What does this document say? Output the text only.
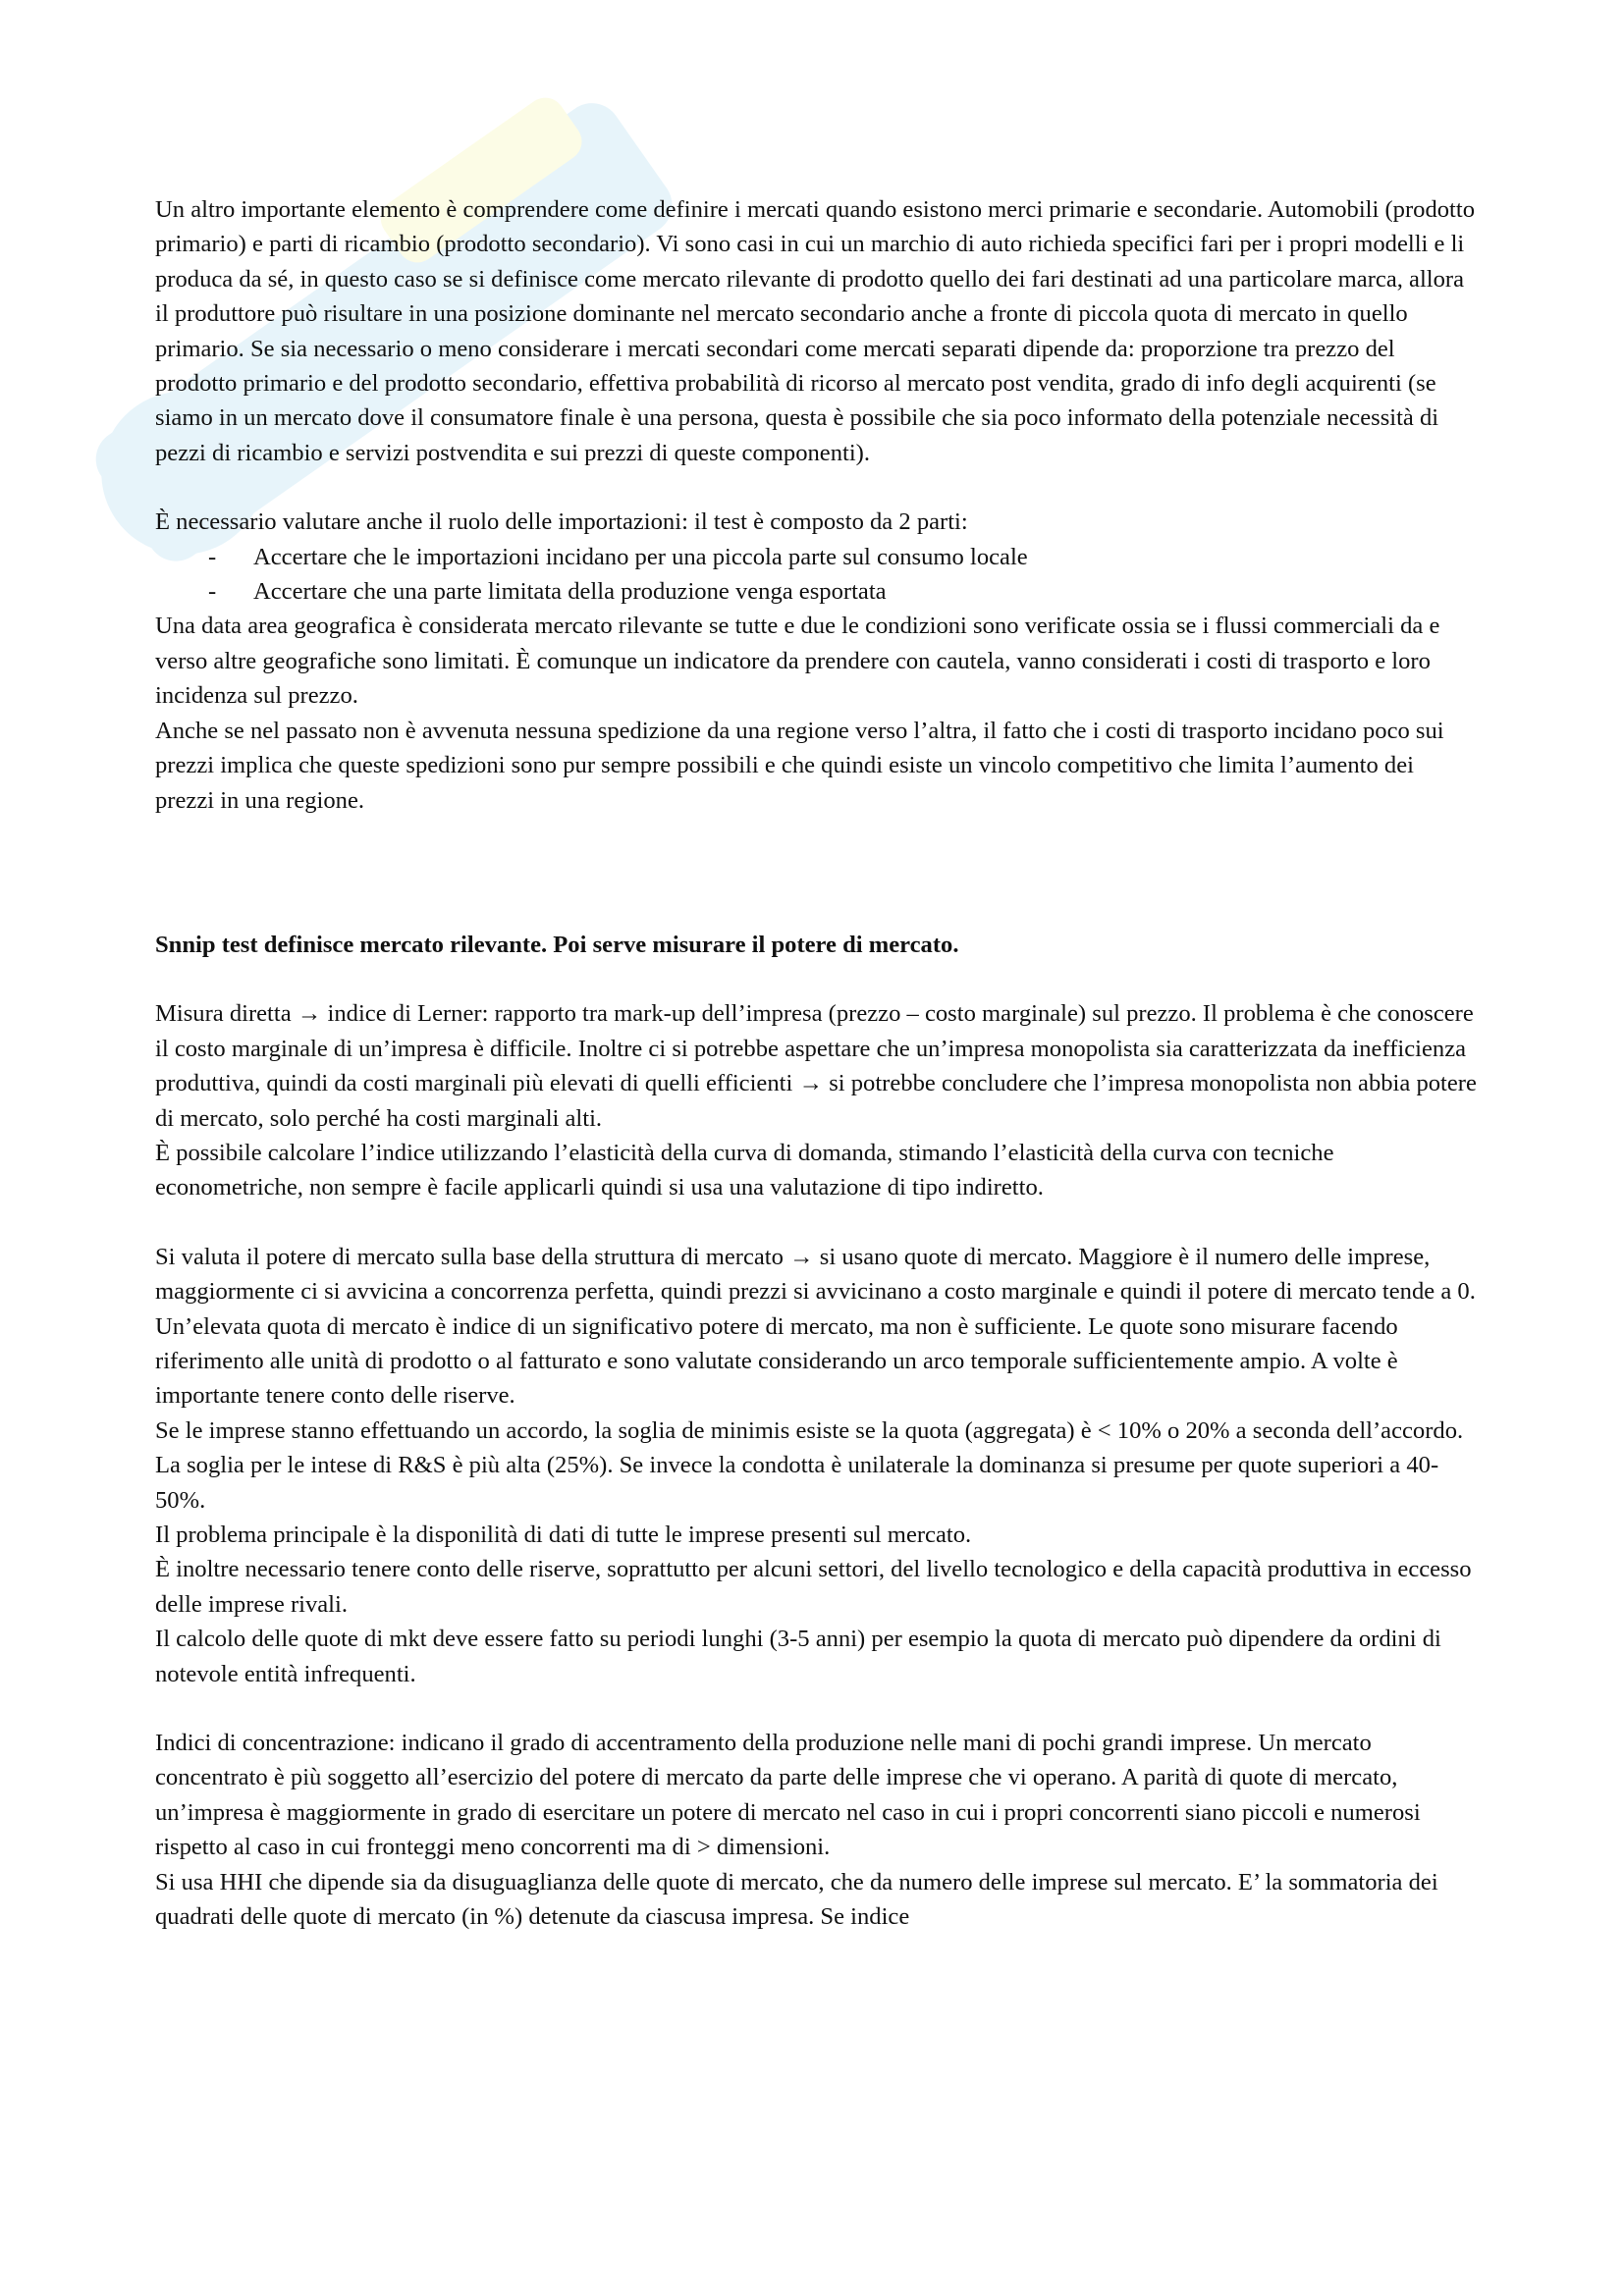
Un altro importante elemento è comprendere come definire i mercati quando esistono merci primarie e secondarie. Automobili (prodotto primario) e parti di ricambio (prodotto secondario). Vi sono casi in cui un marchio di auto richieda specifici fari per i propri modelli e li produca da sé, in questo caso se si definisce come mercato rilevante di prodotto quello dei fari destinati ad una particolare marca, allora il produttore può risultare in una posizione dominante nel mercato secondario anche a fronte di piccola quota di mercato in quello primario. Se sia necessario o meno considerare i mercati secondari come mercati separati dipende da: proporzione tra prezzo del prodotto primario e del prodotto secondario, effettiva probabilità di ricorso al mercato post vendita, grado di info degli acquirenti (se siamo in un mercato dove il consumatore finale è una persona, questa è possibile che sia poco informato della potenziale necessità di pezzi di ricambio e servizi postvendita e sui prezzi di queste componenti).

È necessario valutare anche il ruolo delle importazioni: il test è composto da 2 parti:

- Accertare che le importazioni incidano per una piccola parte sul consumo locale
- Accertare che una parte limitata della produzione venga esportata

Una data area geografica è considerata mercato rilevante se tutte e due le condizioni sono verificate ossia se i flussi commerciali da e verso altre geografiche sono limitati. È comunque un indicatore da prendere con cautela, vanno considerati i costi di trasporto e loro incidenza sul prezzo.

Anche se nel passato non è avvenuta nessuna spedizione da una regione verso l’altra, il fatto che i costi di trasporto incidano poco sui prezzi implica che queste spedizioni sono pur sempre possibili e che quindi esiste un vincolo competitivo che limita l’aumento dei prezzi in una regione.

Snnip test definisce mercato rilevante. Poi serve misurare il potere di mercato.

Misura diretta → indice di Lerner: rapporto tra mark-up dell’impresa (prezzo – costo marginale) sul prezzo. Il problema è che conoscere il costo marginale di un’impresa è difficile. Inoltre ci si potrebbe aspettare che un’impresa monopolista sia caratterizzata da inefficienza produttiva, quindi da costi marginali più elevati di quelli efficienti → si potrebbe concludere che l’impresa monopolista non abbia potere di mercato, solo perché ha costi marginali alti.

È possibile calcolare l’indice utilizzando l’elasticità della curva di domanda, stimando l’elasticità della curva con tecniche econometriche, non sempre è facile applicarli quindi si usa una valutazione di tipo indiretto.

Si valuta il potere di mercato sulla base della struttura di mercato → si usano quote di mercato. Maggiore è il numero delle imprese, maggiormente ci si avvicina a concorrenza perfetta, quindi prezzi si avvicinano a costo marginale e quindi il potere di mercato tende a 0. Un’elevata quota di mercato è indice di un significativo potere di mercato, ma non è sufficiente. Le quote sono misurare facendo riferimento alle unità di prodotto o al fatturato e sono valutate considerando un arco temporale sufficientemente ampio. A volte è importante tenere conto delle riserve.

Se le imprese stanno effettuando un accordo, la soglia de minimis esiste se la quota (aggregata) è < 10% o 20% a seconda dell’accordo. La soglia per le intese di R&S è più alta (25%). Se invece la condotta è unilaterale la dominanza si presume per quote superiori a 40-50%.

Il problema principale è la disponilità di dati di tutte le imprese presenti sul mercato.

È inoltre necessario tenere conto delle riserve, soprattutto per alcuni settori, del livello tecnologico e della capacità produttiva in eccesso delle imprese rivali.

Il calcolo delle quote di mkt deve essere fatto su periodi lunghi (3-5 anni) per esempio la quota di mercato può dipendere da ordini di notevole entità infrequenti.

Indici di concentrazione: indicano il grado di accentramento della produzione nelle mani di pochi grandi imprese. Un mercato concentrato è più soggetto all’esercizio del potere di mercato da parte delle imprese che vi operano. A parità di quote di mercato, un’impresa è maggiormente in grado di esercitare un potere di mercato nel caso in cui i propri concorrenti siano piccoli e numerosi rispetto al caso in cui fronteggi meno concorrenti ma di > dimensioni.

Si usa HHI che dipende sia da disuguaglianza delle quote di mercato, che da numero delle imprese sul mercato. E’ la sommatoria dei quadrati delle quote di mercato (in %) detenute da ciascusa impresa. Se indice
